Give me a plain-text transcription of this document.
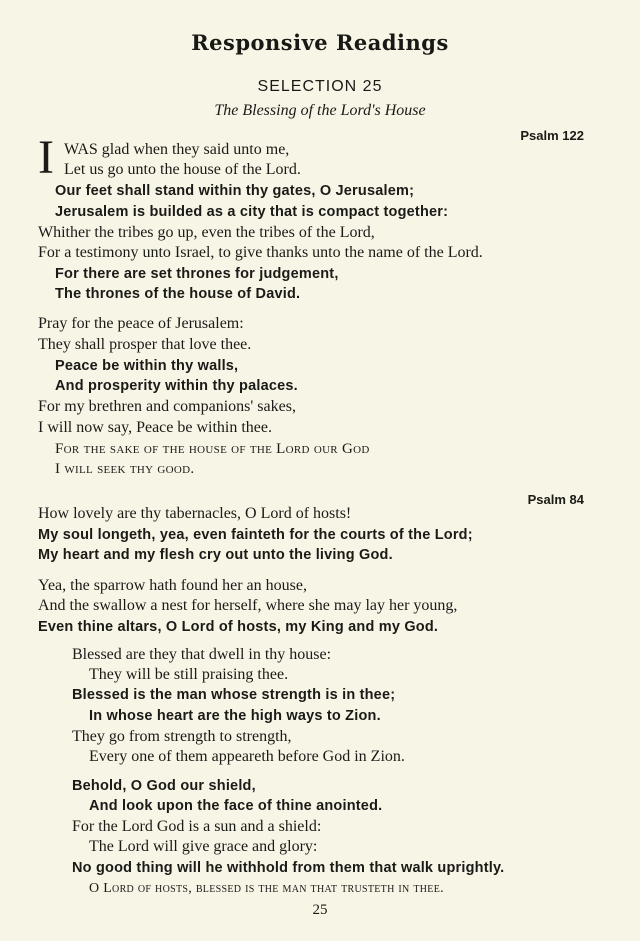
Responsive Readings
SELECTION 25
The Blessing of the Lord's House
Psalm 122
I WAS glad when they said unto me,
Let us go unto the house of the Lord.
Our feet shall stand within thy gates, O Jerusalem;
Jerusalem is builded as a city that is compact together:
Whither the tribes go up, even the tribes of the Lord,
For a testimony unto Israel, to give thanks unto the name of the Lord.
For there are set thrones for judgement,
The thrones of the house of David.
Pray for the peace of Jerusalem:
They shall prosper that love thee.
Peace be within thy walls,
And prosperity within thy palaces.
For my brethren and companions' sakes,
I will now say, Peace be within thee.
For the sake of the house of the Lord our God
I will seek thy good.
Psalm 84
How lovely are thy tabernacles, O Lord of hosts!
My soul longeth, yea, even fainteth for the courts of the Lord;
My heart and my flesh cry out unto the living God.
Yea, the sparrow hath found her an house,
And the swallow a nest for herself, where she may lay her young,
Even thine altars, O Lord of hosts, my King and my God.
Blessed are they that dwell in thy house:
They will be still praising thee.
Blessed is the man whose strength is in thee;
In whose heart are the high ways to Zion.
They go from strength to strength,
Every one of them appeareth before God in Zion.
Behold, O God our shield,
And look upon the face of thine anointed.
For the Lord God is a sun and a shield:
The Lord will give grace and glory:
No good thing will he withhold from them that walk uprightly.
O Lord of hosts, blessed is the man that trusteth in thee.
25
